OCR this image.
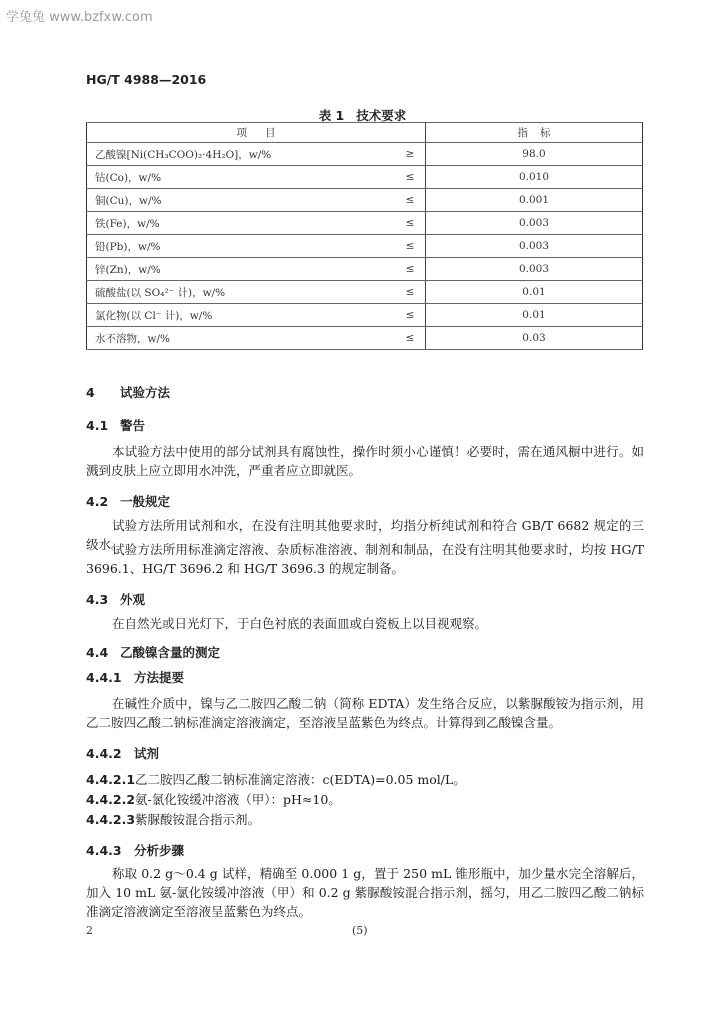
学兔兔 www.bzfxw.com
HG/T 4988—2016
表 1 技术要求
项目		指标
乙酸镍[Ni(CH₃COO)₂·4H₂O]，w/%	≥	98.0
钴(Co)，w/%	≤	0.010
铜(Cu)，w/%	≤	0.001
铁(Fe)，w/%	≤	0.003
铅(Pb)，w/%	≤	0.003
锌(Zn)，w/%	≤	0.003
硫酸盐(以 SO₄²⁻ 计)，w/%	≤	0.01
氯化物(以 Cl⁻ 计)，w/%	≤	0.01
水不溶物，w/%	≤	0.03
4 试验方法
4.1 警告
本试验方法中使用的部分试剂具有腐蚀性，操作时须小心谨慎！必要时，需在通风橱中进行。如溅到皮肤上应立即用水冲洗，严重者应立即就医。
4.2 一般规定
试验方法所用试剂和水，在没有注明其他要求时，均指分析纯试剂和符合 GB/T 6682 规定的三级水。
试验方法所用标准滴定溶液、杂质标准溶液、制剂和制品，在没有注明其他要求时，均按 HG/T 3696.1、HG/T 3696.2 和 HG/T 3696.3 的规定制备。
4.3 外观
在自然光或日光灯下，于白色衬底的表面皿或白瓷板上以目视观察。
4.4 乙酸镍含量的测定
4.4.1 方法提要
在碱性介质中，镍与乙二胺四乙酸二钠（简称 EDTA）发生络合反应，以紫脲酸铵为指示剂，用乙二胺四乙酸二钠标准滴定溶液滴定，至溶液呈蓝紫色为终点。计算得到乙酸镍含量。
4.4.2 试剂
4.4.2.1乙二胺四乙酸二钠标准滴定溶液：c(EDTA)=0.05 mol/L。
4.4.2.2氨-氯化铵缓冲溶液（甲）：pH≈10。
4.4.2.3紫脲酸铵混合指示剂。
4.4.3 分析步骤
称取 0.2 g～0.4 g 试样，精确至 0.000 1 g，置于 250 mL 锥形瓶中，加少量水完全溶解后，加入 10 mL 氨-氯化铵缓冲溶液（甲）和 0.2 g 紫脲酸铵混合指示剂，摇匀，用乙二胺四乙酸二钠标准滴定溶液滴定至溶液呈蓝紫色为终点。
2	(5)
